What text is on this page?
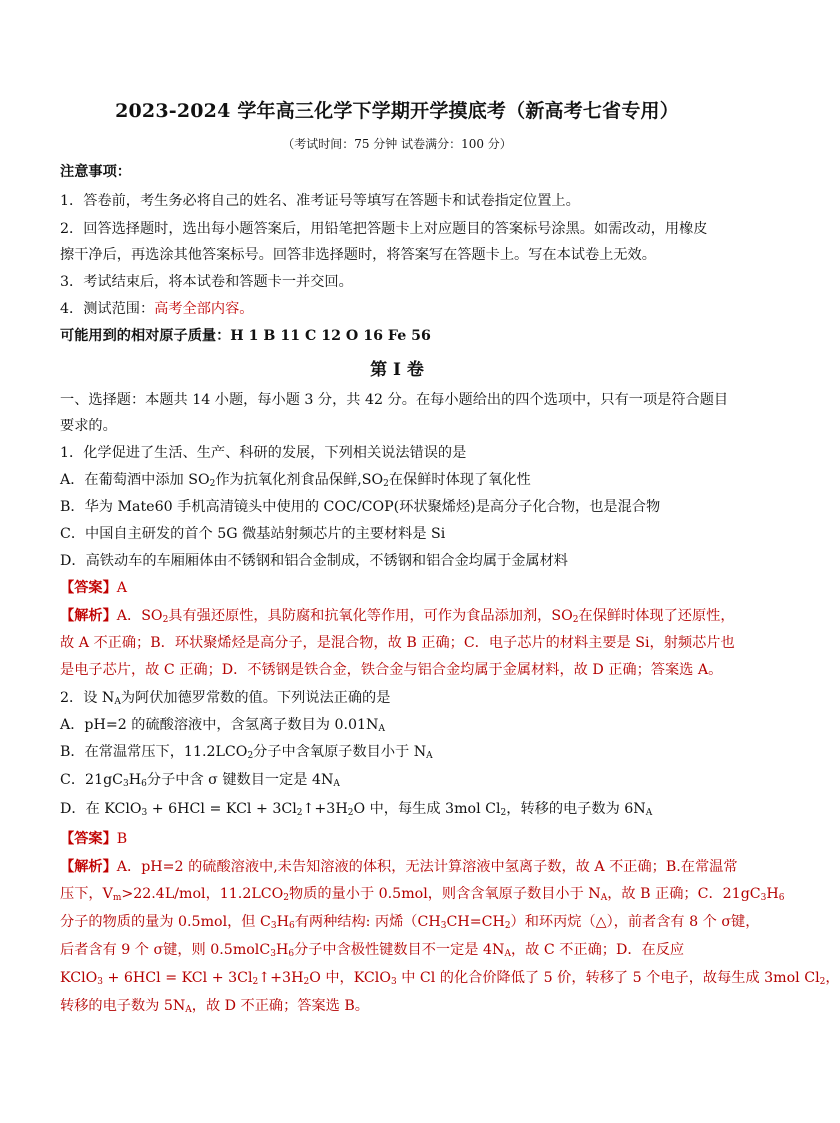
2023-2024 学年高三化学下学期开学摸底考（新高考七省专用）
（考试时间：75 分钟 试卷满分：100 分）
注意事项：
1．答卷前，考生务必将自己的姓名、准考证号等填写在答题卡和试卷指定位置上。
2．回答选择题时，选出每小题答案后，用铅笔把答题卡上对应题目的答案标号涂黑。如需改动，用橡皮
擦干净后，再选涂其他答案标号。回答非选择题时，将答案写在答题卡上。写在本试卷上无效。
3．考试结束后，将本试卷和答题卡一并交回。
4．测试范围：高考全部内容。
可能用到的相对原子质量：H 1 B 11 C 12 O 16 Fe 56
第 I 卷
一、选择题：本题共 14 小题，每小题 3 分，共 42 分。在每小题给出的四个选项中，只有一项是符合题目
要求的。
1．化学促进了生活、生产、科研的发展，下列相关说法错误的是
A．在葡萄酒中添加 $SO_2$作为抗氧化剂食品保鲜$,SO_2$在保鲜时体现了氧化性
B．华为 Mate60 手机高清镜头中使用的 COC/COP(环状聚烯烃)是高分子化合物，也是混合物
C．中国自主研发的首个 5G 微基站射频芯片的主要材料是 Si
D．高铁动车的车厢厢体由不锈钢和铝合金制成，不锈钢和铝合金均属于金属材料
【答案】A
【解析】A．$SO_2$具有强还原性，具防腐和抗氧化等作用，可作为食品添加剂，$SO_2$在保鲜时体现了还原性，
故 A 不正确；B．环状聚烯烃是高分子，是混合物，故 B 正确；C．电子芯片的材料主要是 Si，射频芯片也
是电子芯片，故 C 正确；D．不锈钢是铁合金，铁合金与铝合金均属于金属材料，故 D 正确；答案选 A。
2．设 $N_A$为阿伏加德罗常数的值。下列说法正确的是
A．pH=2 的硫酸溶液中，含氢离子数目为 $0.01N_A$
B．在常温常压下，$11.2LCO_2$分子中含氧原子数目小于 $N_A$
C．$21gC_3H_6$分子中含 σ 键数目一定是 $4N_A$
D．在 KClO$_3$ + 6HCl = KCl + $3Cl_2↑+3H_2O$ 中，每生成 3mol $Cl_2$，转移的电子数为 $6N_A$
【答案】B
【解析】A．pH=2 的硫酸溶液中,未告知溶液的体积，无法计算溶液中氢离子数，故 A 不正确；B.在常温常
压下，$V_m>22.4L$/mol，$11.2LCO_2$物质的量小于 0.5mol，则含含氧原子数目小于 $N_A$，故 B 正确；C．$21gC_3H_6$
分子的物质的量为 0.5mol，但 $C_3H_6$有两种结构: 丙烯$(CH_3CH=CH_2)$和环丙烷（△），前者含有 8 个 σ键，
后者含有 9 个 σ键，则 $0.5molC_3H_6$分子中含极性键数目不一定是 $4N_A$，故 C 不正确；D．在反应
KClO$_3$ + 6HCl = KCl + $3Cl_2↑+3H_2O$ 中，KClO$_3$ 中 Cl 的化合价降低了 5 价，转移了 5 个电子，故每生成 3mol $Cl_2$，
转移的电子数为 $5N_A$，故 D 不正确；答案选 B。
